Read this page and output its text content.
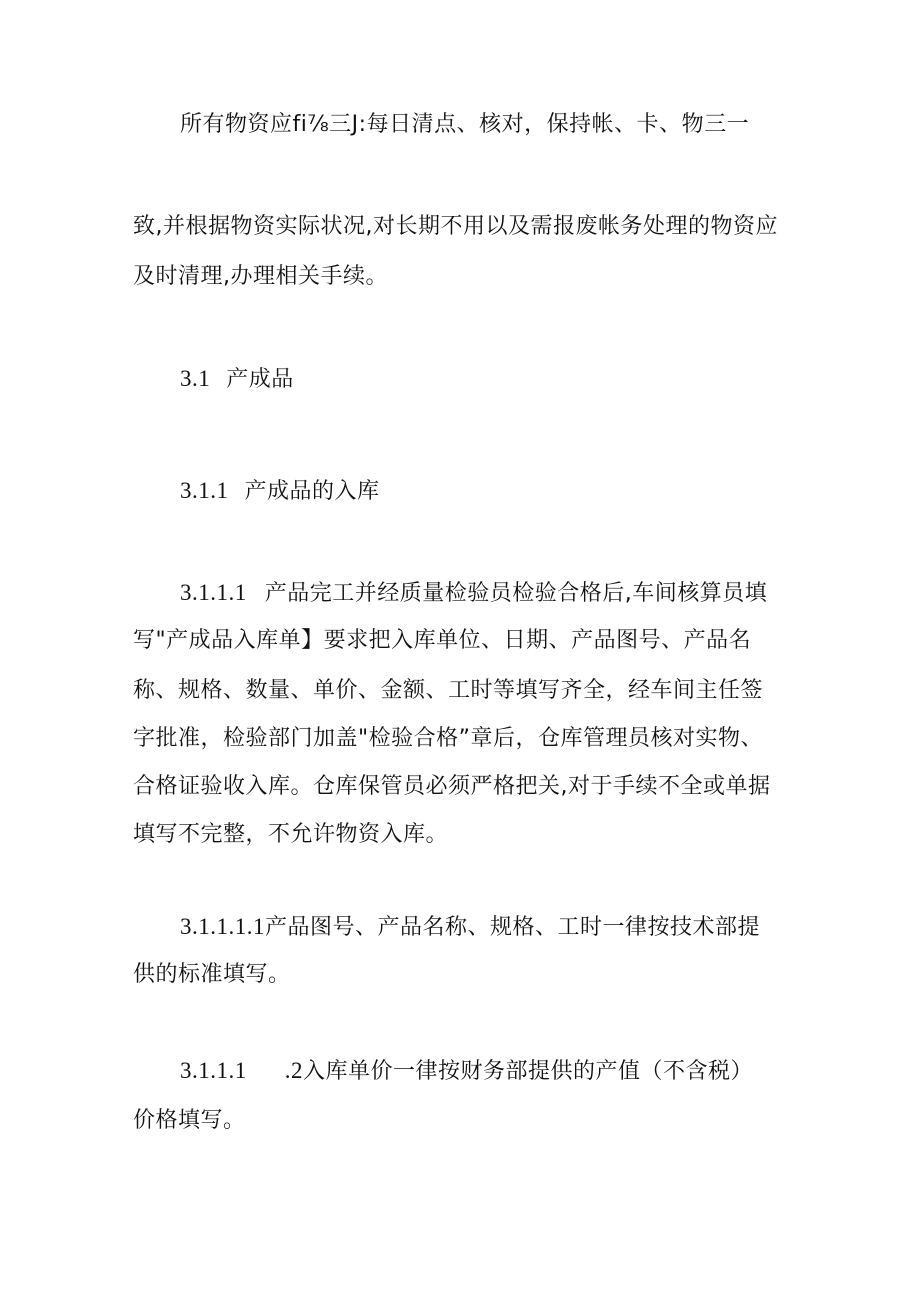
所有物资应fi⅞三J:每日清点、核对，保持帐、卡、物三一
致,并根据物资实际状况,对长期不用以及需报废帐务处理的物资应
及时清理,办理相关手续。
3.1 产成品
3.1.1 产成品的入库
3.1.1.1 产品完工并经质量检验员检验合格后,车间核算员填
写"产成品入库单】要求把入库单位、日期、产品图号、产品名
称、规格、数量、单价、金额、工时等填写齐全，经车间主任签
字批准，检验部门加盖"检验合格”章后，仓库管理员核对实物、
合格证验收入库。仓库保管员必须严格把关,对于手续不全或单据
填写不完整，不允许物资入库。
3.1.1.1.1产品图号、产品名称、规格、工时一律按技术部提
供的标准填写。
3.1.1.1 .2入库单价一律按财务部提供的产值（不含税）
价格填写。
